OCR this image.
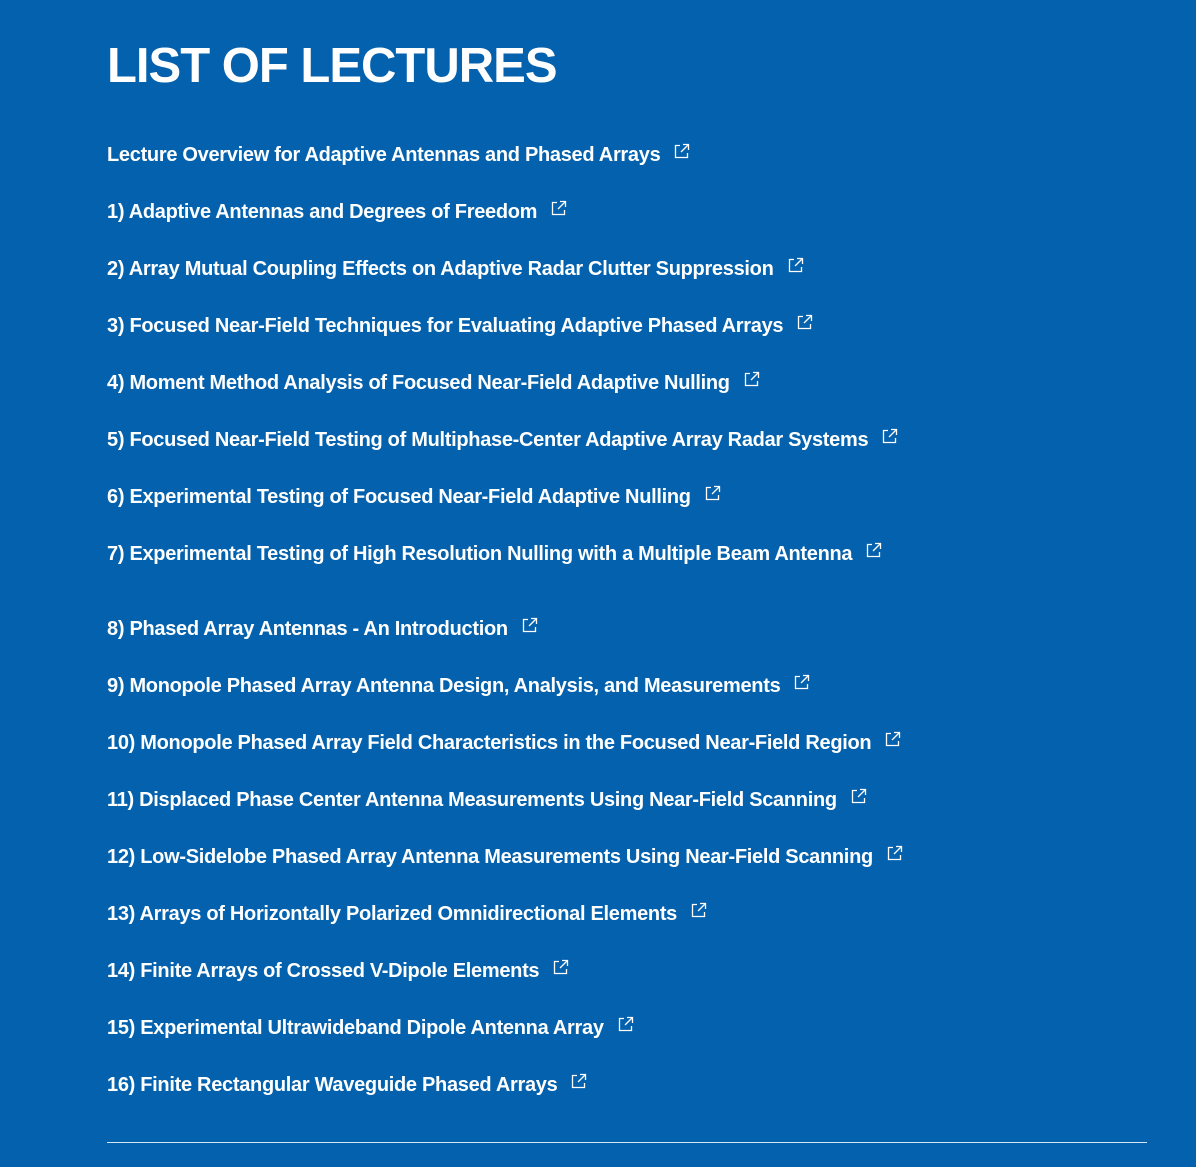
LIST OF LECTURES
Lecture Overview for Adaptive Antennas and Phased Arrays
1) Adaptive Antennas and Degrees of Freedom
2) Array Mutual Coupling Effects on Adaptive Radar Clutter Suppression
3) Focused Near-Field Techniques for Evaluating Adaptive Phased Arrays
4) Moment Method Analysis of Focused Near-Field Adaptive Nulling
5) Focused Near-Field Testing of Multiphase-Center Adaptive Array Radar Systems
6) Experimental Testing of Focused Near-Field Adaptive Nulling
7) Experimental Testing of High Resolution Nulling with a Multiple Beam Antenna
8) Phased Array Antennas - An Introduction
9) Monopole Phased Array Antenna Design, Analysis, and Measurements
10) Monopole Phased Array Field Characteristics in the Focused Near-Field Region
11) Displaced Phase Center Antenna Measurements Using Near-Field Scanning
12) Low-Sidelobe Phased Array Antenna Measurements Using Near-Field Scanning
13) Arrays of Horizontally Polarized Omnidirectional Elements
14) Finite Arrays of Crossed V-Dipole Elements
15) Experimental Ultrawideband Dipole Antenna Array
16) Finite Rectangular Waveguide Phased Arrays
